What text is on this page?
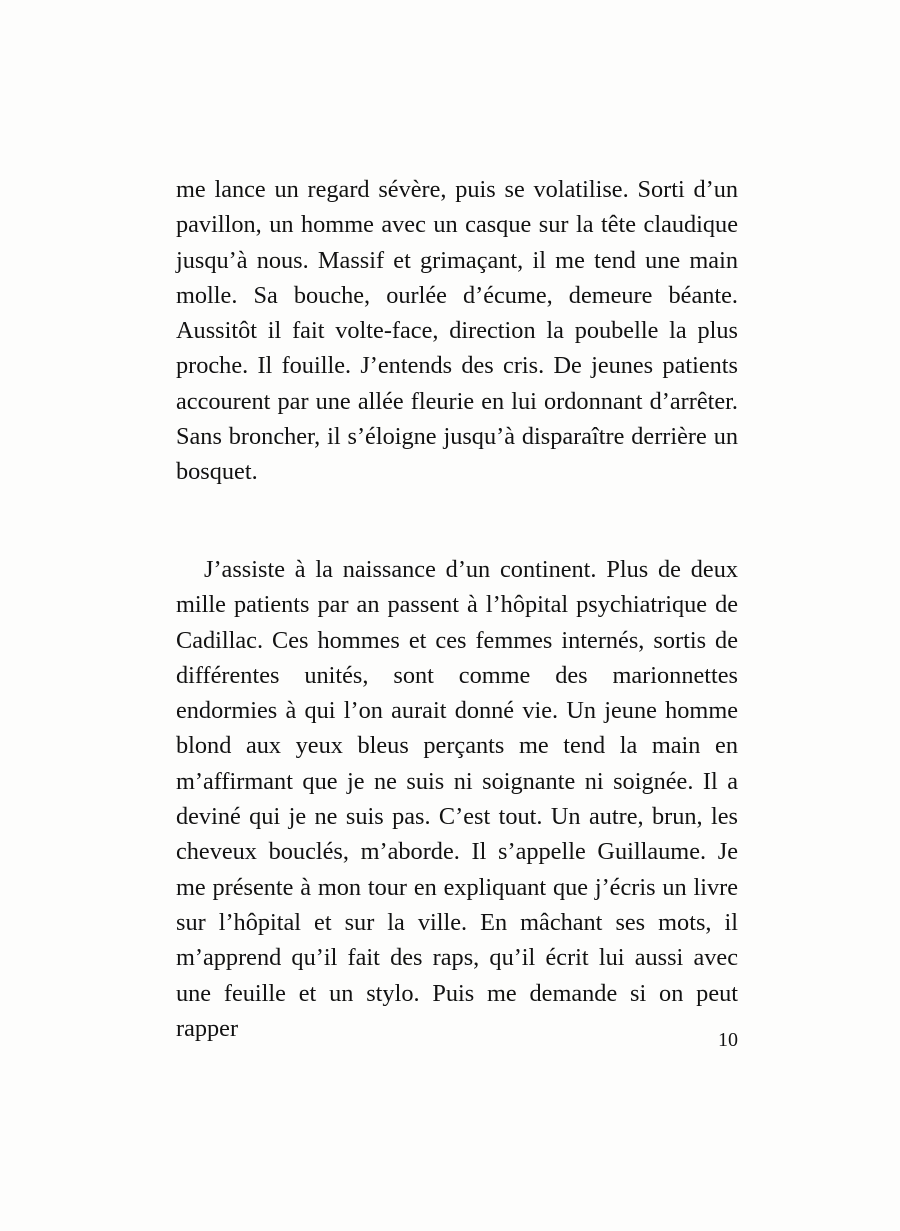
me lance un regard sévère, puis se volatilise. Sorti d’un pavillon, un homme avec un casque sur la tête claudique jusqu’à nous. Massif et grimaçant, il me tend une main molle. Sa bouche, ourlée d’écume, demeure béante. Aussitôt il fait volte-face, direction la poubelle la plus proche. Il fouille. J’entends des cris. De jeunes patients accourent par une allée fleurie en lui ordonnant d’arrêter. Sans broncher, il s’éloigne jusqu’à disparaître derrière un bosquet.

J’assiste à la naissance d’un continent. Plus de deux mille patients par an passent à l’hôpital psychiatrique de Cadillac. Ces hommes et ces femmes internés, sortis de différentes unités, sont comme des marionnettes endormies à qui l’on aurait donné vie. Un jeune homme blond aux yeux bleus perçants me tend la main en m’affirmant que je ne suis ni soignante ni soignée. Il a deviné qui je ne suis pas. C’est tout. Un autre, brun, les cheveux bouclés, m’aborde. Il s’appelle Guillaume. Je me présente à mon tour en expliquant que j’écris un livre sur l’hôpital et sur la ville. En mâchant ses mots, il m’apprend qu’il fait des raps, qu’il écrit lui aussi avec une feuille et un stylo. Puis me demande si on peut rapper	10
